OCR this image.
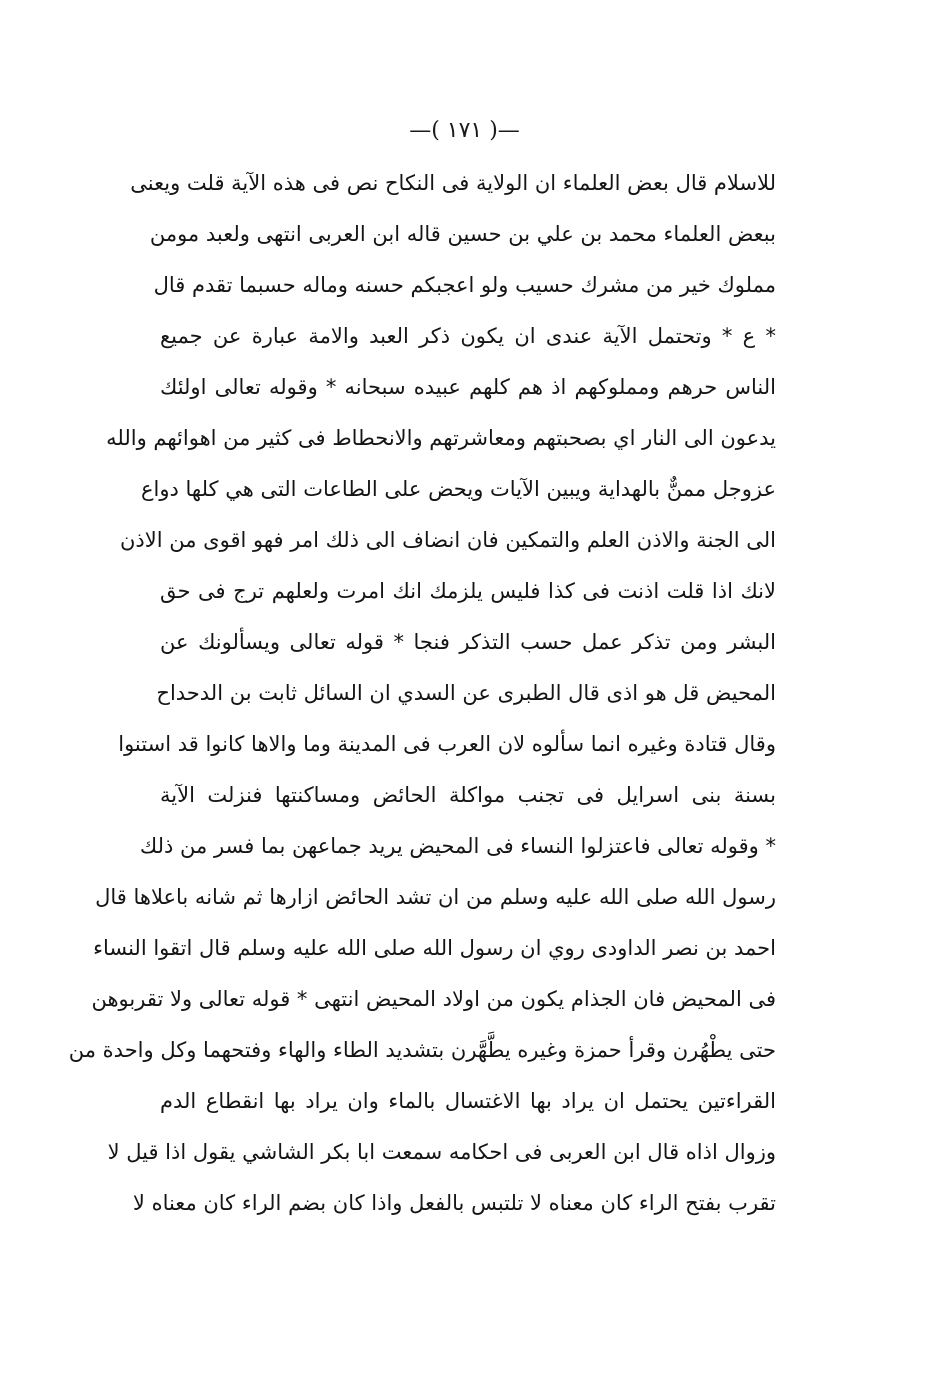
—( ۱۷۱ )—
للاسلام قال بعض العلماء ان الولاية فى النكاح نص فى هذه الآية قلت ويعنى
ببعض العلماء محمد بن علي بن حسين قاله ابن العربى انتهى ولعبد مومن
مملوك خير من مشرك حسيب ولو اعجبكم حسنه وماله حسبما تقدم قال
* ع * وتحتمل الآية عندى ان يكون ذكر العبد والامة عبارة عن جميع
الناس حرهم ومملوكهم اذ هم كلهم عبيده سبحانه * وقوله تعالى اولئك
يدعون الى النار اي بصحبتهم ومعاشرتهم والانحطاط فى كثير من اهوائهم والله
عزوجل ممنٌّ بالهداية ويبين الآيات ويحض على الطاعات التى هي كلها دواع
الى الجنة والاذن العلم والتمكين فان انضاف الى ذلك امر فهو اقوى من الاذن
لانك اذا قلت اذنت فى كذا فليس يلزمك انك امرت ولعلهم ترج فى حق
البشر ومن تذكر عمل حسب التذكر فنجا * قوله تعالى ويسألونك عن
المحيض قل هو اذى قال الطبرى عن السدي ان السائل ثابت بن الدحداح
وقال قتادة وغيره انما سألوه لان العرب فى المدينة وما والاها كانوا قد استنوا
بسنة بنى اسرايل فى تجنب مواكلة الحائض ومساكنتها فنزلت الآية
* وقوله تعالى فاعتزلوا النساء فى المحيض يريد جماعهن بما فسر من ذلك
رسول الله صلى الله عليه وسلم من ان تشد الحائض ازارها ثم شانه باعلاها قال
احمد بن نصر الداودى روي ان رسول الله صلى الله عليه وسلم قال اتقوا النساء
فى المحيض فان الجذام يكون من اولاد المحيض انتهى * قوله تعالى ولا تقربوهن
حتى يطْهُرن وقرأ حمزة وغيره يطَّهَّرن بتشديد الطاء والهاء وفتحهما وكل واحدة من
القراءتين يحتمل ان يراد بها الاغتسال بالماء وان يراد بها انقطاع الدم
وزوال اذاه قال ابن العربى فى احكامه سمعت ابا بكر الشاشي يقول اذا قيل لا
تقرب بفتح الراء كان معناه لا تلتبس بالفعل واذا كان بضم الراء كان معناه لا
